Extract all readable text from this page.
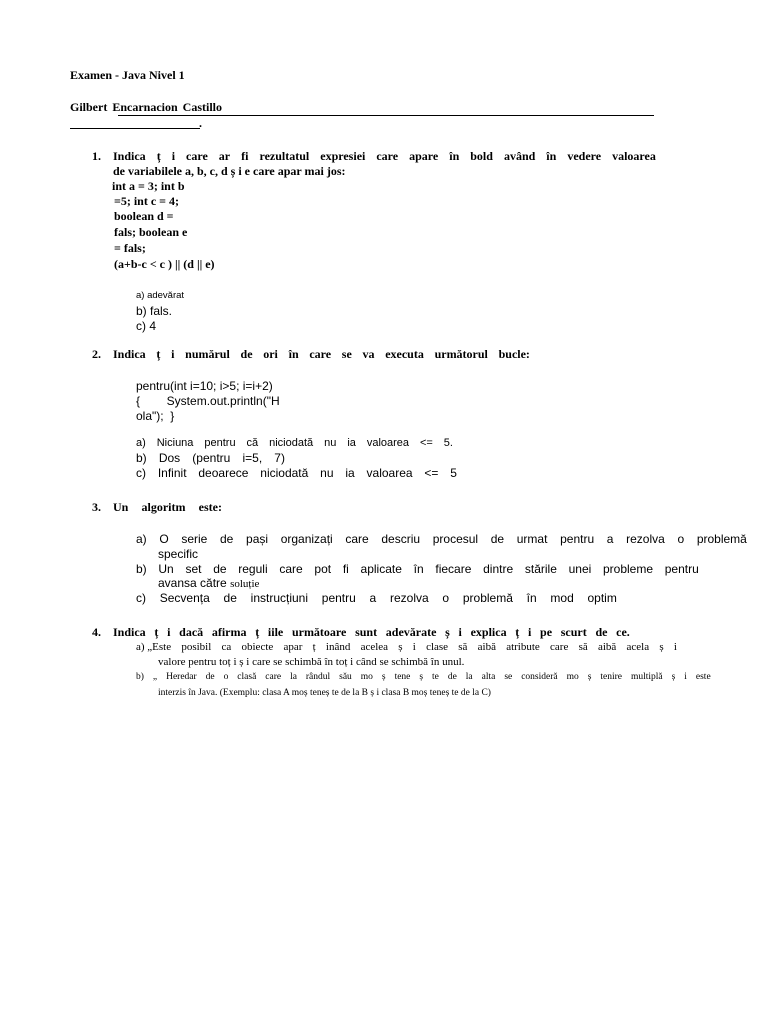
Examen - Java Nivel 1
Gilbert Encarnacion Castillo
.
1. Indica ț i care ar fi rezultatul expresiei care apare în bold având în vedere valoarea
de variabilele a, b, c, d ș i e care apar mai jos:
int a = 3; int b
=5; int c = 4;
boolean d =
fals; boolean e
= fals;
(a+b-c < c ) || (d || e)
a) adevărat
b) fals.
c) 4
2. Indica ț i numărul de ori în care se va executa următorul bucle:
pentru(int i=10; i>5; i=i+2)
{        System.out.println("H
ola");  }
a) Niciuna pentru că niciodată nu ia valoarea <= 5.
b) Dos (pentru i=5, 7)
c) Infinit deoarece niciodată nu ia valoarea <= 5
3. Un algoritm este:
a) O serie de pași organizați care descriu procesul de urmat pentru a rezolva o problemă
specific
b) Un set de reguli care pot fi aplicate în fiecare dintre stările unei probleme pentru
avansa către soluție
c) Secvența de instrucțiuni pentru a rezolva o problemă în mod optim
4. Indica ț i dacă afirma ț iile următoare sunt adevărate ș i explica ț i pe scurt de ce.
a) „Este posibil ca obiecte apar ț inând acelea ș i clase să aibă atribute care să aibă acela ș i
valore pentru toț i ș i care se schimbă în toț i când se schimbă în unul.
b) „ Heredar de o clasă care la rândul său mo ș tene ș te de la alta se consideră mo ș tenire multiplă ș i este
interzis în Java. (Exemplu: clasa A moș teneș te de la B ș i clasa B moș teneș te de la C)
